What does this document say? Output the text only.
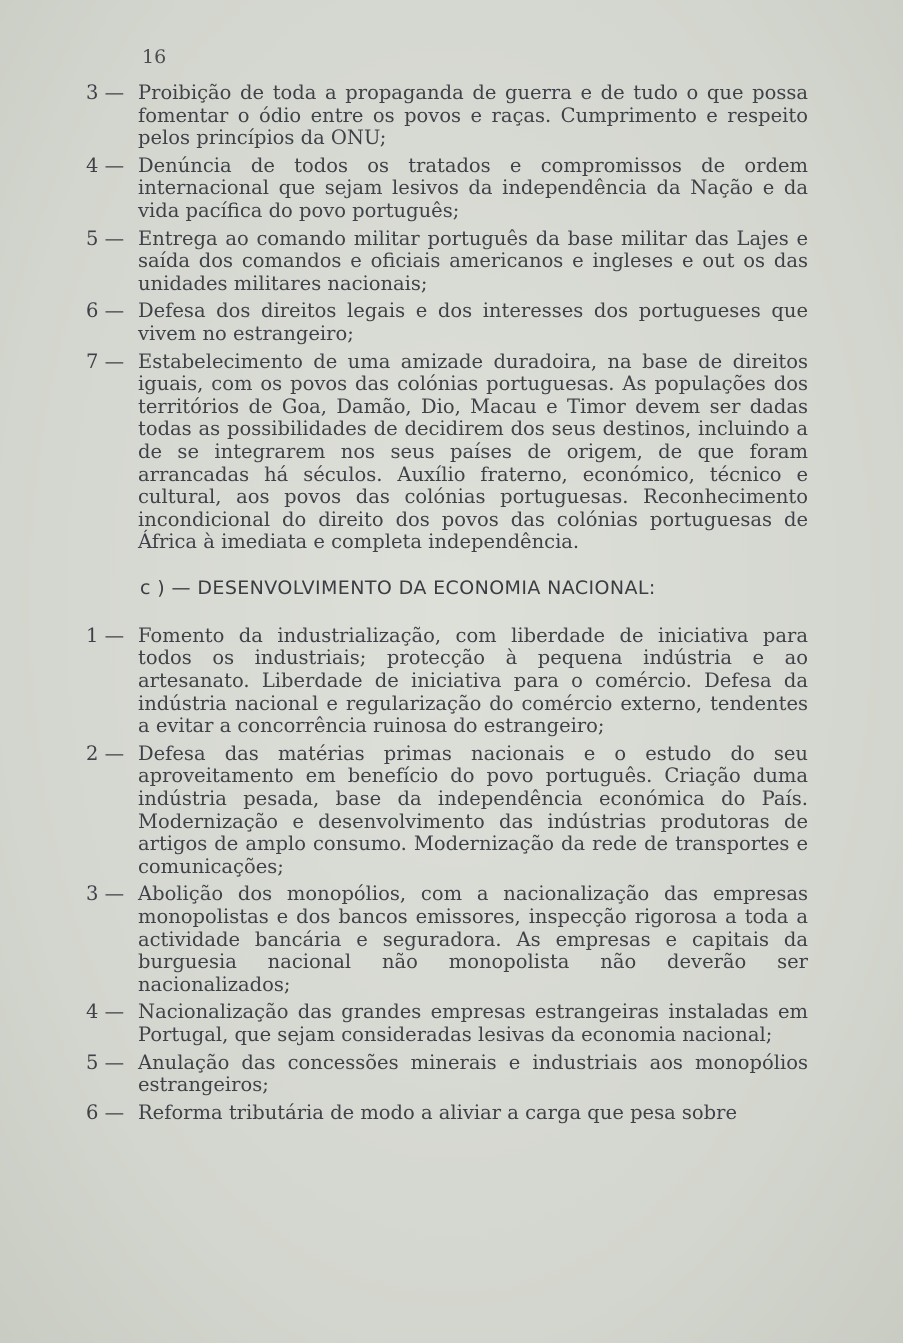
16
3 — Proibição de toda a propaganda de guerra e de tudo o que possa fomentar o ódio entre os povos e raças. Cumprimento e respeito pelos princípios da ONU;
4 — Denúncia de todos os tratados e compromissos de ordem internacional que sejam lesivos da independência da Nação e da vida pacífica do povo português;
5 — Entrega ao comando militar português da base militar das Lajes e saída dos comandos e oficiais americanos e ingleses e out os das unidades militares nacionais;
6 — Defesa dos direitos legais e dos interesses dos portugueses que vivem no estrangeiro;
7 — Estabelecimento de uma amizade duradoira, na base de direitos iguais, com os povos das colónias portuguesas. As populações dos territórios de Goa, Damão, Dio, Macau e Timor devem ser dadas todas as possibilidades de decidirem dos seus destinos, incluindo a de se integrarem nos seus países de origem, de que foram arrancadas há séculos. Auxílio fraterno, económico, técnico e cultural, aos povos das colónias portuguesas. Reconhecimento incondicional do direito dos povos das colónias portuguesas de África à imediata e completa independência.
c ) — DESENVOLVIMENTO DA ECONOMIA NACIONAL:
1 — Fomento da industrialização, com liberdade de iniciativa para todos os industriais; protecção à pequena indústria e ao artesanato. Liberdade de iniciativa para o comércio. Defesa da indústria nacional e regularização do comércio externo, tendentes a evitar a concorrência ruinosa do estrangeiro;
2 — Defesa das matérias primas nacionais e o estudo do seu aproveitamento em benefício do povo português. Criação duma indústria pesada, base da independência económica do País. Modernização e desenvolvimento das indústrias produtoras de artigos de amplo consumo. Modernização da rede de transportes e comunicações;
3 — Abolição dos monopólios, com a nacionalização das empresas monopolistas e dos bancos emissores, inspecção rigorosa a toda a actividade bancária e seguradora. As empresas e capitais da burguesia nacional não monopolista não deverão ser nacionalizados;
4 — Nacionalização das grandes empresas estrangeiras instaladas em Portugal, que sejam consideradas lesivas da economia nacional;
5 — Anulação das concessões minerais e industriais aos monopólios estrangeiros;
6 — Reforma tributária de modo a aliviar a carga que pesa sobre
